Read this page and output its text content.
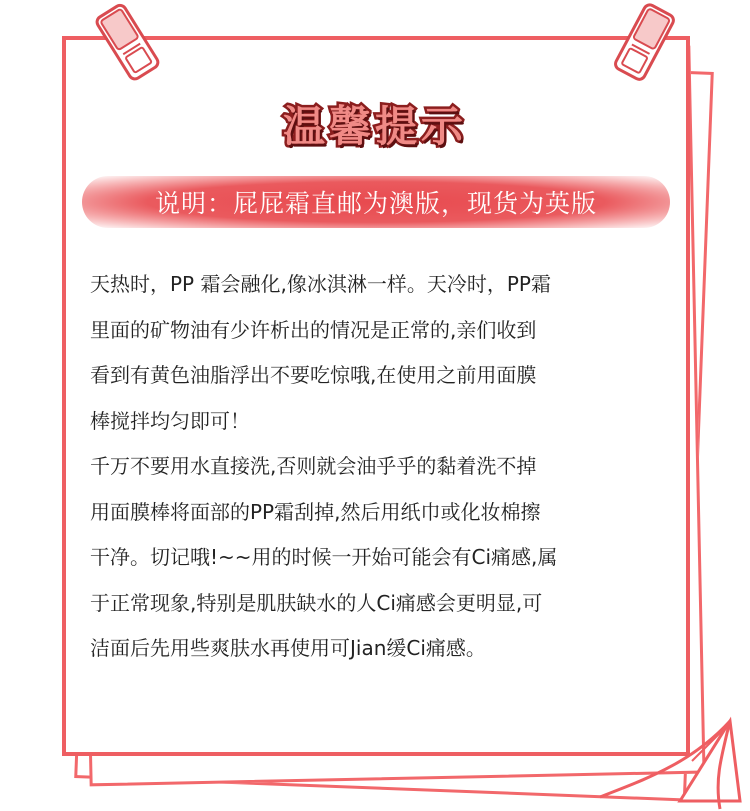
温馨提示
说明：屁屁霜直邮为澳版，现货为英版

天热时，PP 霜会融化,像冰淇淋一样。天冷时，PP霜

里面的矿物油有少许析出的情况是正常的,亲们收到

看到有黄色油脂浮出不要吃惊哦,在使用之前用面膜

棒搅拌均匀即可！

千万不要用水直接洗,否则就会油乎乎的黏着洗不掉

用面膜棒将面部的PP霜刮掉,然后用纸巾或化妆棉擦

干净。切记哦!~~用的时候一开始可能会有Ci痛感,属

于正常现象,特别是肌肤缺水的人Ci痛感会更明显,可

洁面后先用些爽肤水再使用可Jian缓Ci痛感。
